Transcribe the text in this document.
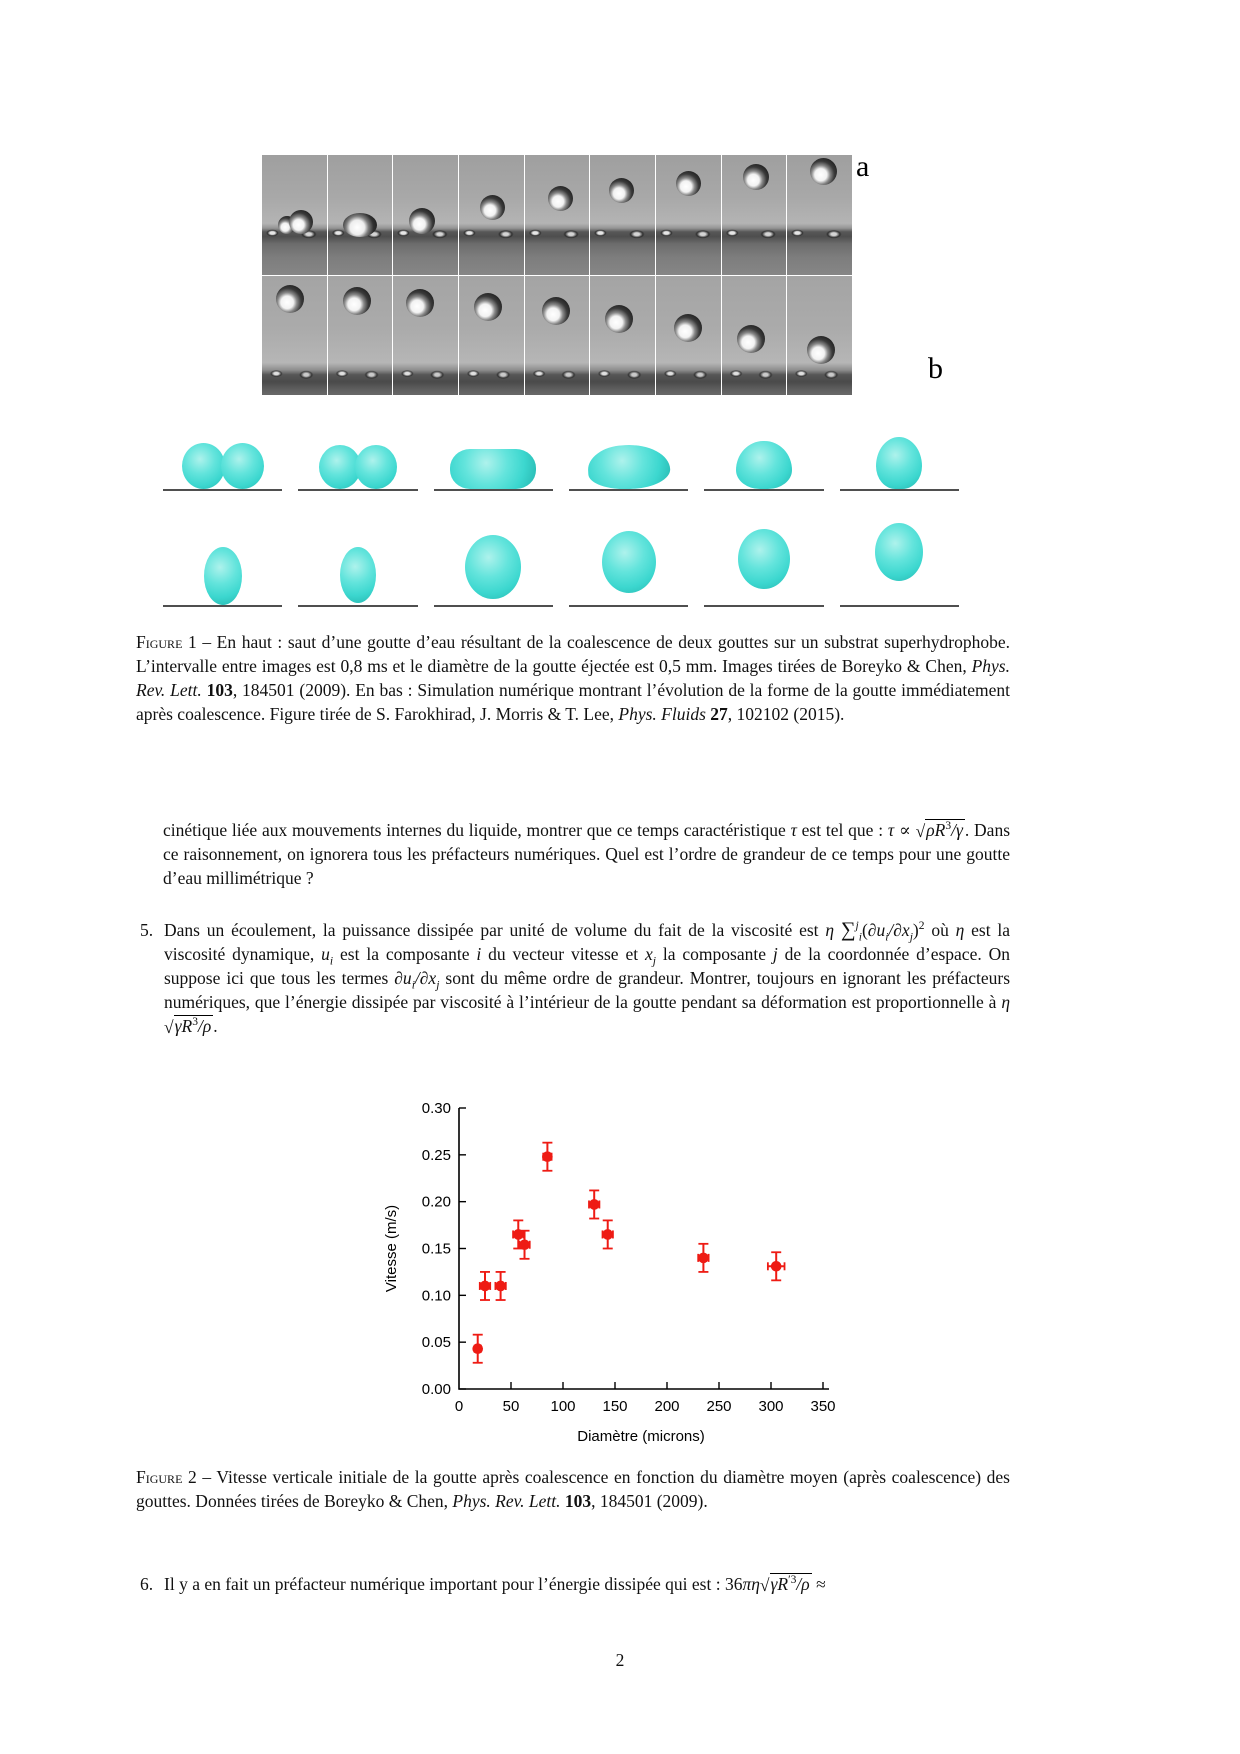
a
b
Figure 1 – En haut : saut d’une goutte d’eau résultant de la coalescence de deux gouttes sur un substrat superhydrophobe. L’intervalle entre images est 0,8 ms et le diamètre de la goutte éjectée est 0,5 mm. Images tirées de Boreyko & Chen, Phys. Rev. Lett. 103, 184501 (2009). En bas : Simulation numérique montrant l’évolution de la forme de la goutte immédiatement après coalescence. Figure tirée de S. Farokhirad, J. Morris & T. Lee, Phys. Fluids 27, 102102 (2015).
cinétique liée aux mouvements internes du liquide, montrer que ce temps caractéristique τ est tel que : $\tau \propto √\rho R^3/\gamma$ . Dans ce raisonnement, on ignorera tous les préfacteurs numériques. Quel est l’ordre de grandeur de ce temps pour une goutte d’eau millimétrique ?
5. Dans un écoulement, la puissance dissipée par unité de volume du fait de la viscosité est η $\sum^j_i(\partial u_i/\partial x_j)^2$ où η est la viscosité dynamique, $u_i$ est la composante i du vecteur vitesse et $x_j$ la composante j de la coordonnée d’espace. On suppose ici que tous les termes $\partial u_i/\partial x_j$ sont du même ordre de grandeur. Montrer, toujours en ignorant les préfacteurs numériques, que l’énergie dissipée par viscosité à l’intérieur de la goutte pendant sa déformation est proportionnelle à $\eta√\gamma R^3/\rho$ .
0.00
0.05
0.10
0.15
0.20
0.25
0.30
0	50 100 150 200 250 300 350
Diamètre (microns)
Vitesse (m/s)
Figure 2 – Vitesse verticale initiale de la goutte après coalescence en fonction du diamètre moyen (après coalescence) des gouttes. Données tirées de Boreyko & Chen, Phys. Rev. Lett. 103, 184501 (2009).
6. Il y a en fait un préfacteur numérique important pour l’énergie dissipée qui est : $36\pi\eta√\gamma R^{'3}/\rho$ ≈
2
